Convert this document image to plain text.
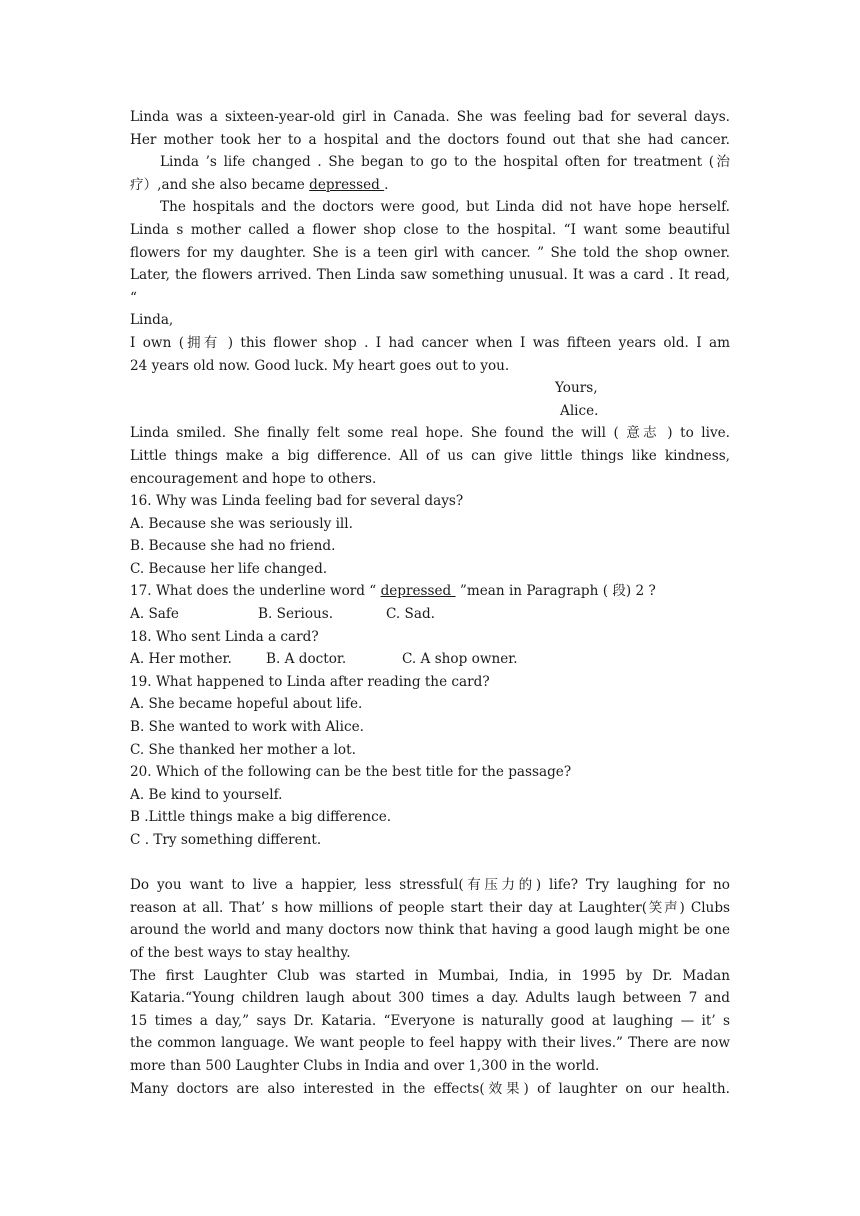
Linda was a sixteen-year-old girl in Canada. She was feeling bad for several days.
Her mother took her to a hospital and the doctors found out that she had cancer.
Linda ’s life changed . She began to go to the hospital often for treatment (治
疗）,and she also became depressed .
The hospitals and the doctors were good, but Linda did not have hope herself.
Linda s mother called a flower shop close to the hospital. “I want some beautiful
flowers for my daughter. She is a teen girl with cancer. ” She told the shop owner.
Later, the flowers arrived. Then Linda saw something unusual. It was a card . It read,
“
Linda,
I own (拥有 ) this flower shop . I had cancer when I was fifteen years old. I am
24 years old now. Good luck. My heart goes out to you.
Yours,
Alice.
Linda smiled. She finally felt some real hope. She found the will ( 意志 ) to live.
Little things make a big difference. All of us can give little things like kindness,
encouragement and hope to others.
16. Why was Linda feeling bad for several days?
A. Because she was seriously ill.
B. Because she had no friend.
C. Because her life changed.
17. What does the underline word “ depressed  ”mean in Paragraph ( 段) 2 ?
A. Safe	B. Serious.	C. Sad.
18. Who sent Linda a card?
A. Her mother.	B. A doctor.	C. A shop owner.
19. What happened to Linda after reading the card?
A. She became hopeful about life.
B. She wanted to work with Alice.
C. She thanked her mother a lot.
20. Which of the following can be the best title for the passage?
A. Be kind to yourself.
B .Little things make a big difference.
C . Try something different.
Do you want to live a happier, less stressful(有压力的) life? Try laughing for no
reason at all. That’ s how millions of people start their day at Laughter(笑声) Clubs
around the world and many doctors now think that having a good laugh might be one
of the best ways to stay healthy.
The first Laughter Club was started in Mumbai, India, in 1995 by Dr. Madan
Kataria.“Young children laugh about 300 times a day. Adults laugh between 7 and
15 times a day,” says Dr. Kataria. “Everyone is naturally good at laughing — it’ s
the common language. We want people to feel happy with their lives.” There are now
more than 500 Laughter Clubs in India and over 1,300 in the world.
Many doctors are also interested in the effects(效果) of laughter on our health.
